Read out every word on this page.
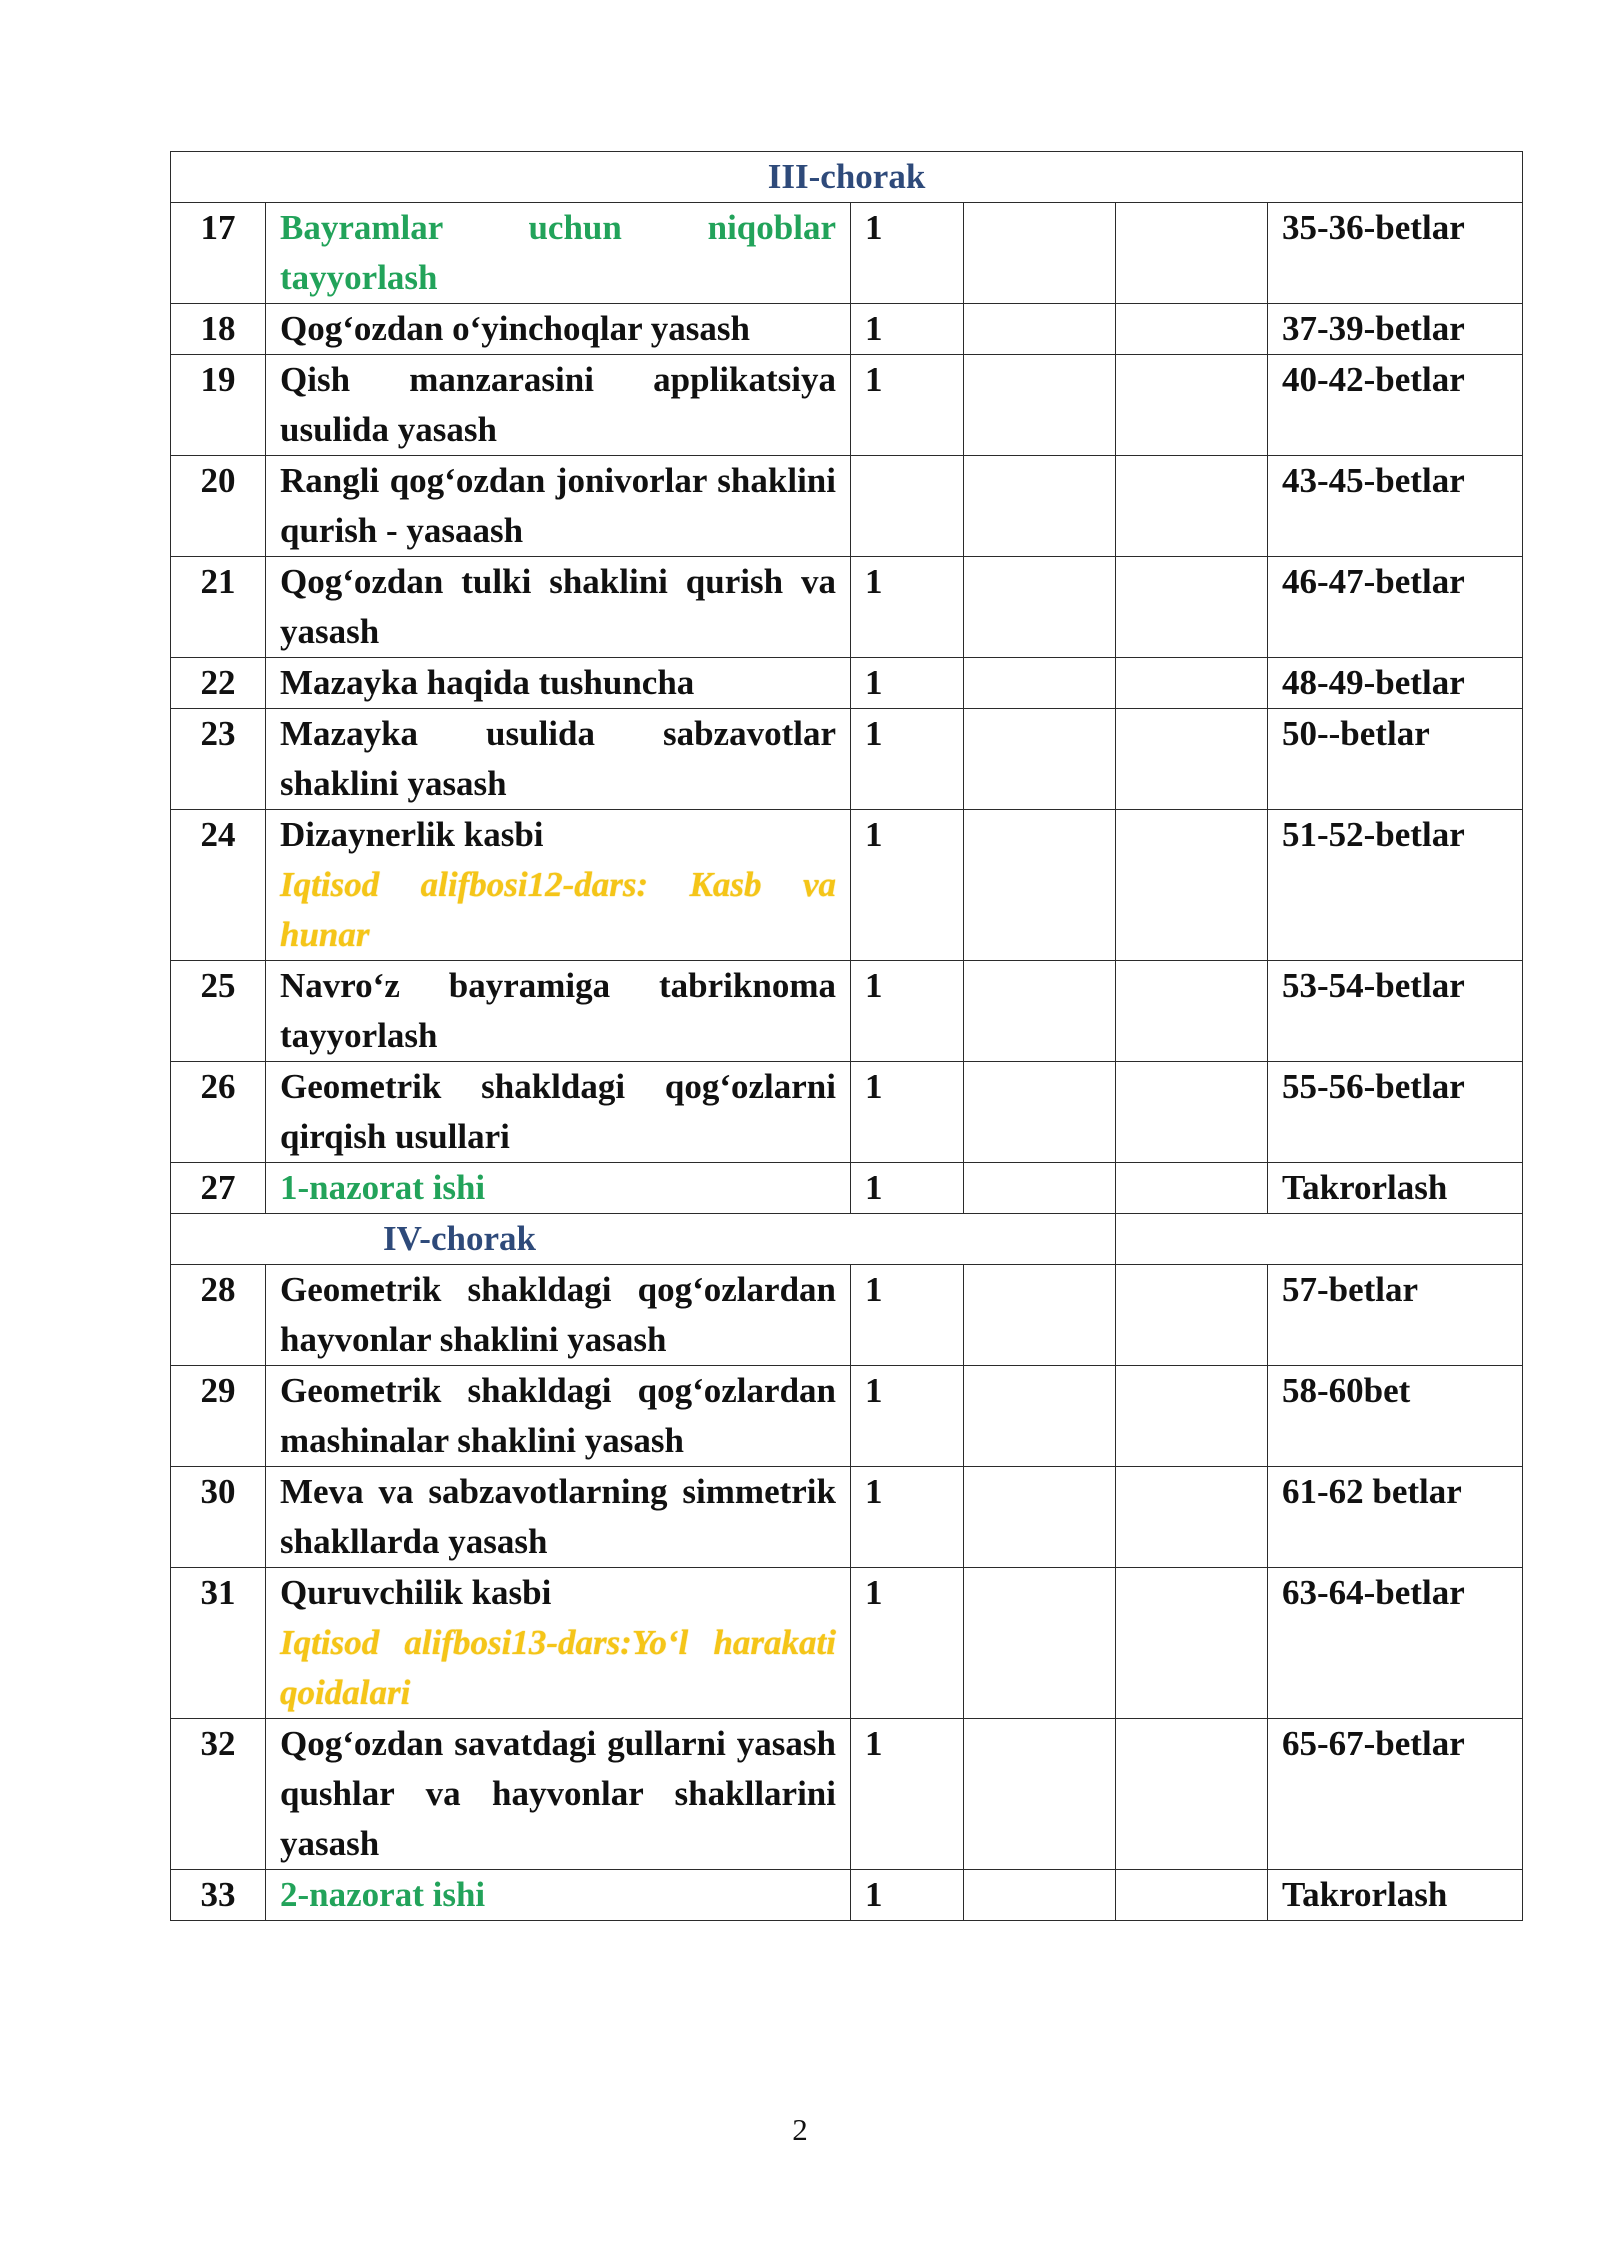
III-chorak					
17	Bayramlar uchun niqoblar tayyorlash	1			35-36-betlar
18	Qog‘ozdan o‘yinchoqlar yasash	1			37-39-betlar
19	Qish manzarasini applikatsiya usulida yasash	1			40-42-betlar
20	Rangli qog‘ozdan jonivorlar shaklini qurish - yasaash				43-45-betlar
21	Qog‘ozdan tulki shaklini qurish va yasash	1			46-47-betlar
22	Mazayka haqida tushuncha	1			48-49-betlar
23	Mazayka usulida sabzavotlar shaklini yasash	1			50--betlar
24	Dizaynerlik kasbi
Iqtisod alifbosi12-dars: Kasb va hunar	1			51-52-betlar
25	Navro‘z bayramiga tabriknoma tayyorlash	1			53-54-betlar
26	Geometrik shakldagi qog‘ozlarni qirqish usullari	1			55-56-betlar
27	1-nazorat ishi	1			Takrorlash
IV-chorak					
28	Geometrik shakldagi qog‘ozlardan hayvonlar shaklini yasash	1			57-betlar
29	Geometrik shakldagi qog‘ozlardan mashinalar shaklini yasash	1			58-60bet
30	Meva va sabzavotlarning simmetrik shakllarda yasash	1			61-62 betlar
31	Quruvchilik kasbi
Iqtisod alifbosi13-dars:Yo‘l harakati qoidalari	1			63-64-betlar
32	Qog‘ozdan savatdagi gullarni yasash qushlar va hayvonlar shakllarini yasash	1			65-67-betlar
33	2-nazorat ishi	1			Takrorlash
2
